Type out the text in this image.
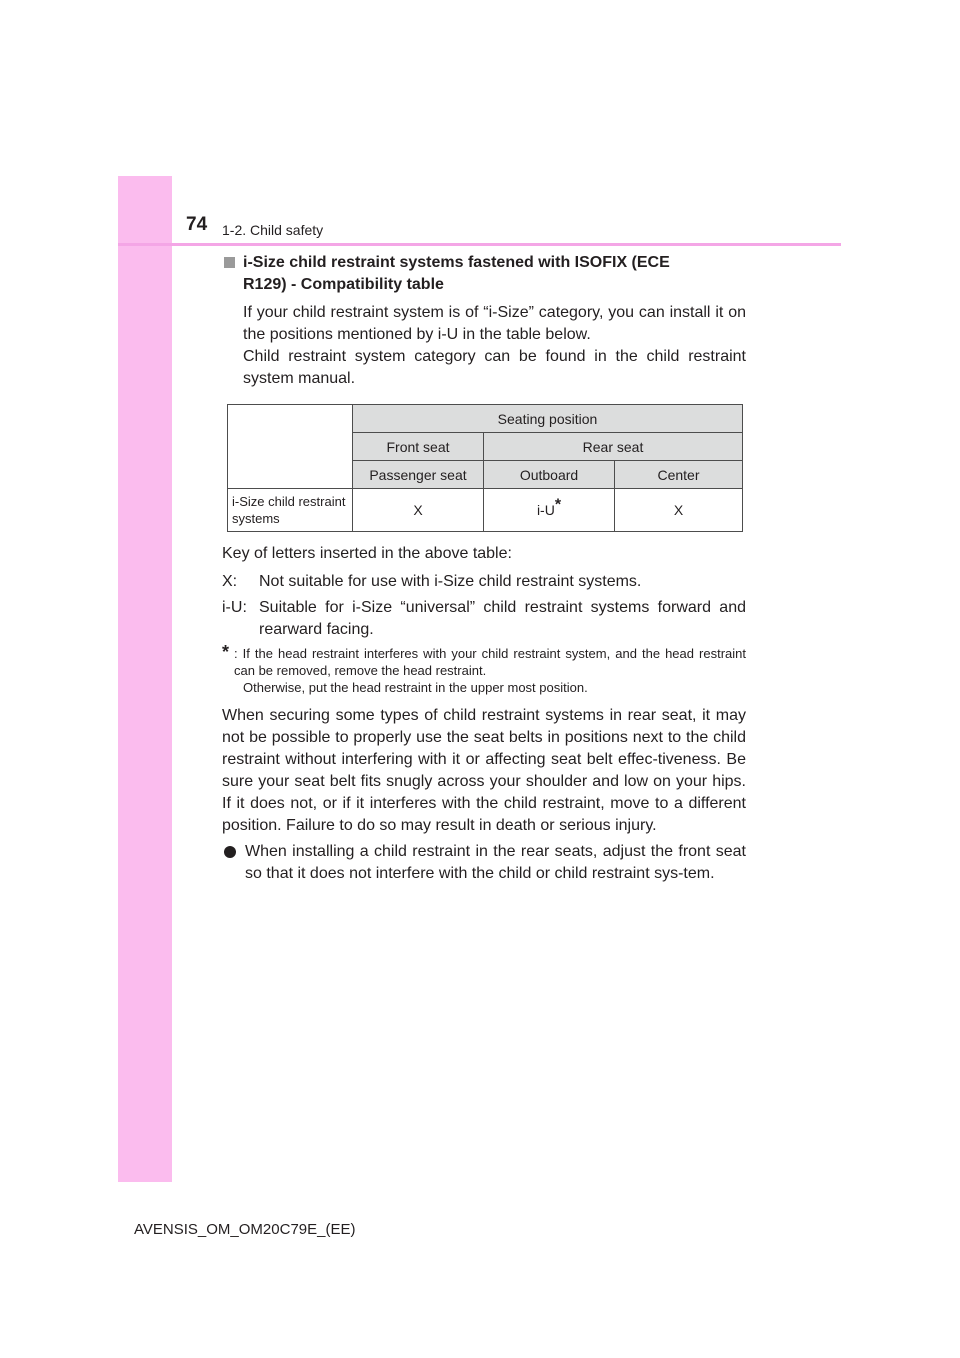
74 1-2. Child safety
i-Size child restraint systems fastened with ISOFIX (ECE
R129) - Compatibility table

If your child restraint system is of “i-Size” category, you can install it on the positions mentioned by i-U in the table below.

Child restraint system category can be found in the child restraint system manual.

	Seating position		
	Front seat	Rear seat	
	Passenger seat	Outboard	Center
i-Size child restraint systems	X	i-U*	X

Key of letters inserted in the above table:

X:	Not suitable for use with i-Size child restraint systems.
i-U: Suitable for i-Size “universal” child restraint systems forward and rearward facing.
* : If the head restraint interferes with your child restraint system, and the head restraint can be removed, remove the head restraint.
Otherwise, put the head restraint in the upper most position.

When securing some types of child restraint systems in rear seat, it may not be possible to properly use the seat belts in positions next to the child restraint without interfering with it or affecting seat belt effec-tiveness. Be sure your seat belt fits snugly across your shoulder and low on your hips. If it does not, or if it interferes with the child restraint, move to a different position. Failure to do so may result in death or serious injury.

When installing a child restraint in the rear seats, adjust the front seat so that it does not interfere with the child or child restraint sys-tem.
AVENSIS_OM_OM20C79E_(EE)
